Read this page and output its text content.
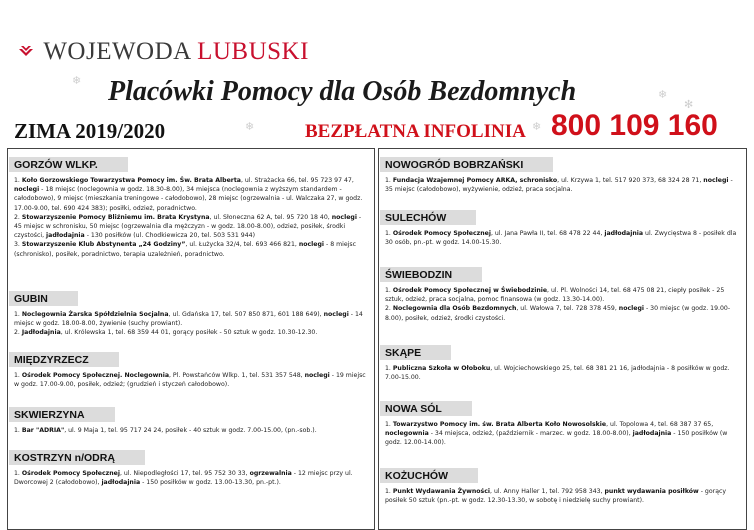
WOJEWODA LUBUSKI
❄
❄
❄
✻
❄
Placówki Pomocy dla Osób Bezdomnych
ZIMA 2019/2020	BEZPŁATNA INFOLINIA 800 109 160
GORZÓW WLKP.

1. Koło Gorzowskiego Towarzystwa Pomocy im. Św. Brata Alberta, ul. Strażacka 66, tel. 95 723 97 47, noclegi - 18 miejsc (noclegownia w godz. 18.30-8.00), 34 miejsca (noclegownia z wyższym standardem - całodobowo), 9 miejsc (mieszkania treningowe - całodobowo), 28 miejsc (ogrzewalnia - ul. Walczaka 27, w godz. 17.00-9.00, tel. 690 424 383); posiłki, odzież, poradnictwo.

2. Stowarzyszenie Pomocy Bliźniemu im. Brata Krystyna, ul. Słoneczna 62 A, tel. 95 720 18 40, noclegi - 45 miejsc w schronisku, 50 miejsc (ogrzewalnia dla mężczyzn - w godz. 18.00-8.00), odzież, posiłek, środki czystości, jadłodajnia - 130 posiłków (ul. Chodkiewicza 20, tel. 503 531 944)

3. Stowarzyszenie Klub Abstynenta „24 Godziny”, ul. Łużycka 32/4, tel. 693 466 821, noclegi - 8 miejsc (schronisko), posiłek, poradnictwo, terapia uzależnień, poradnictwo.

GUBIN

1. Noclegownia Żarska Spółdzielnia Socjalna, ul. Gdańska 17, tel. 507 850 871, 601 188 649), noclegi - 14 miejsc w godz. 18.00-8.00, żywienie (suchy prowiant).

2. Jadłodajnia, ul. Królewska 1, tel. 68 359 44 01, gorący posiłek - 50 sztuk w godz. 10.30-12.30.

MIĘDZYRZECZ

1. Ośrodek Pomocy Społecznej. Noclegownia, Pl. Powstańców Wlkp. 1, tel. 531 357 548, noclegi - 19 miejsc w godz. 17.00-9.00, posiłek, odzież; (grudzień i styczeń całodobowo).

SKWIERZYNA

1. Bar "ADRIA", ul. 9 Maja 1, tel. 95 717 24 24, posiłek - 40 sztuk w godz. 7.00-15.00, (pn.-sob.).

KOSTRZYN n/ODRĄ

1. Ośrodek Pomocy Społecznej, ul. Niepodległości 17, tel. 95 752 30 33, ogrzewalnia - 12 miejsc przy ul. Dworcowej 2 (całodobowo), jadłodajnia - 150 posiłków w godz. 13.00-13.30, pn.-pt.).

NOWOGRÓD BOBRZAŃSKI

1. Fundacja Wzajemnej Pomocy ARKA, schronisko, ul. Krzywa 1, tel. 517 920 373, 68 324 28 71, noclegi - 35 miejsc (całodobowo), wyżywienie, odzież, praca socjalna.

SULECHÓW

1. Ośrodek Pomocy Społecznej, ul. Jana Pawła II, tel. 68 478 22 44, jadłodajnia ul. Zwycięstwa 8 - posiłek dla 30 osób, pn.-pt. w godz. 14.00-15.30.

ŚWIEBODZIN

1. Ośrodek Pomocy Społecznej w Świebodzinie, ul. Pl. Wolności 14, tel. 68 475 08 21, ciepły posiłek - 25 sztuk, odzież, praca socjalna, pomoc finansowa (w godz. 13.30-14.00).

2. Noclegownia dla Osób Bezdomnych, ul. Wałowa 7, tel. 728 378 459, noclegi - 30 miejsc (w godz. 19.00-8.00), posiłek, odzież, środki czystości.

SKĄPE

1. Publiczna Szkoła w Ołoboku, ul. Wojciechowskiego 25, tel. 68 381 21 16, jadłodajnia - 8 posiłków w godz. 7.00-15.00.

NOWA SÓL

1. Towarzystwo Pomocy im. św. Brata Alberta Koło Nowosolskie, ul. Topolowa 4, tel. 68 387 37 65, noclegownia - 34 miejsca, odzież, (październik - marzec. w godz. 18.00-8.00), jadłodajnia - 150 posiłków (w godz. 12.00-14.00).

KOŻUCHÓW

1. Punkt Wydawania Żywności, ul. Anny Haller 1, tel. 792 958 343, punkt wydawania posiłków - gorący posiłek 50 sztuk (pn.-pt. w godz. 12.30-13.30, w sobotę i niedzielę suchy prowiant).
